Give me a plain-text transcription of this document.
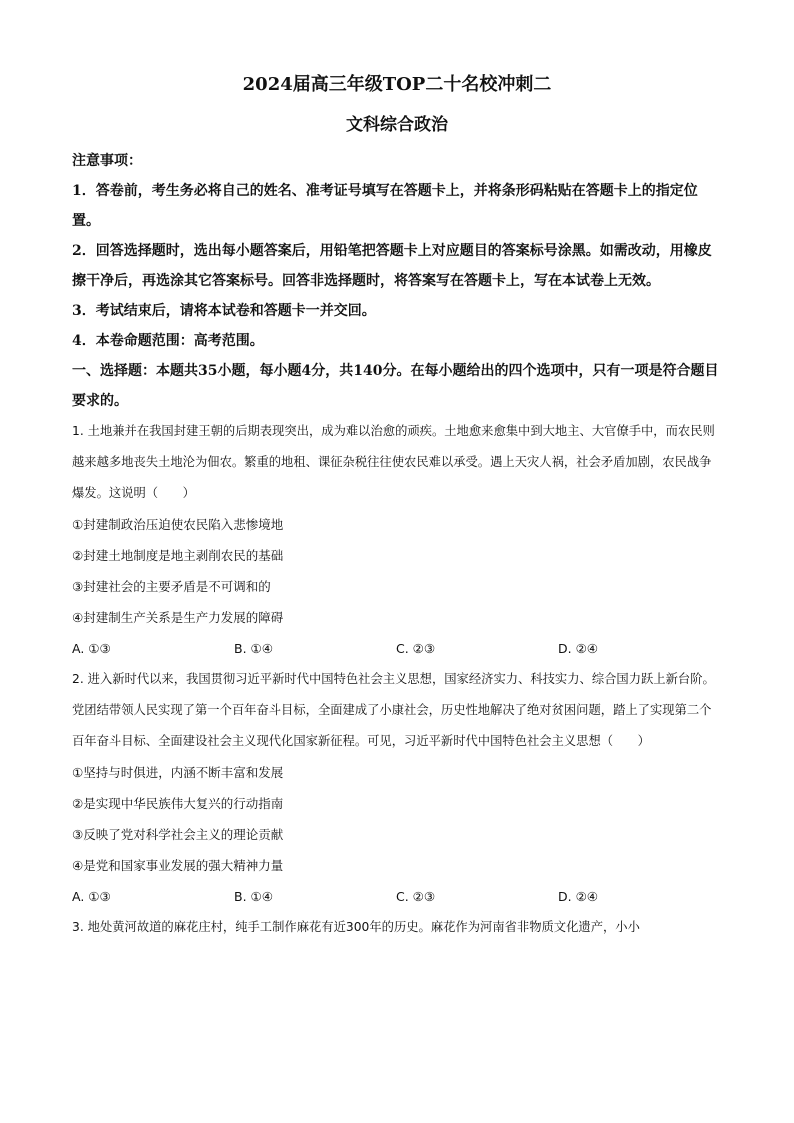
2024届高三年级TOP二十名校冲刺二

文科综合政治

注意事项：

1．答卷前，考生务必将自己的姓名、准考证号填写在答题卡上，并将条形码粘贴在答题卡上的指定位置。

2．回答选择题时，选出每小题答案后，用铅笔把答题卡上对应题目的答案标号涂黑。如需改动，用橡皮擦干净后，再选涂其它答案标号。回答非选择题时，将答案写在答题卡上，写在本试卷上无效。

3．考试结束后，请将本试卷和答题卡一并交回。

4．本卷命题范围：高考范围。

一、选择题：本题共35小题，每小题4分，共140分。在每小题给出的四个选项中，只有一项是符合题目要求的。

1. 土地兼并在我国封建王朝的后期表现突出，成为难以治愈的顽疾。土地愈来愈集中到大地主、大官僚手中，而农民则越来越多地丧失土地沦为佃农。繁重的地租、课征杂税往往使农民难以承受。遇上天灾人祸，社会矛盾加剧，农民战争爆发。这说明（　　）

①封建制政治压迫使农民陷入悲惨境地

②封建土地制度是地主剥削农民的基础

③封建社会的主要矛盾是不可调和的

④封建制生产关系是生产力发展的障碍

A. ①③	B. ①④	C. ②③	D. ②④

2. 进入新时代以来，我国贯彻习近平新时代中国特色社会主义思想，国家经济实力、科技实力、综合国力跃上新台阶。党团结带领人民实现了第一个百年奋斗目标，全面建成了小康社会，历史性地解决了绝对贫困问题，踏上了实现第二个百年奋斗目标、全面建设社会主义现代化国家新征程。可见，习近平新时代中国特色社会主义思想（　　）

①坚持与时俱进，内涵不断丰富和发展

②是实现中华民族伟大复兴的行动指南

③反映了党对科学社会主义的理论贡献

④是党和国家事业发展的强大精神力量

A. ①③	B. ①④	C. ②③	D. ②④

3. 地处黄河故道的麻花庄村，纯手工制作麻花有近300年的历史。麻花作为河南省非物质文化遗产，小小
